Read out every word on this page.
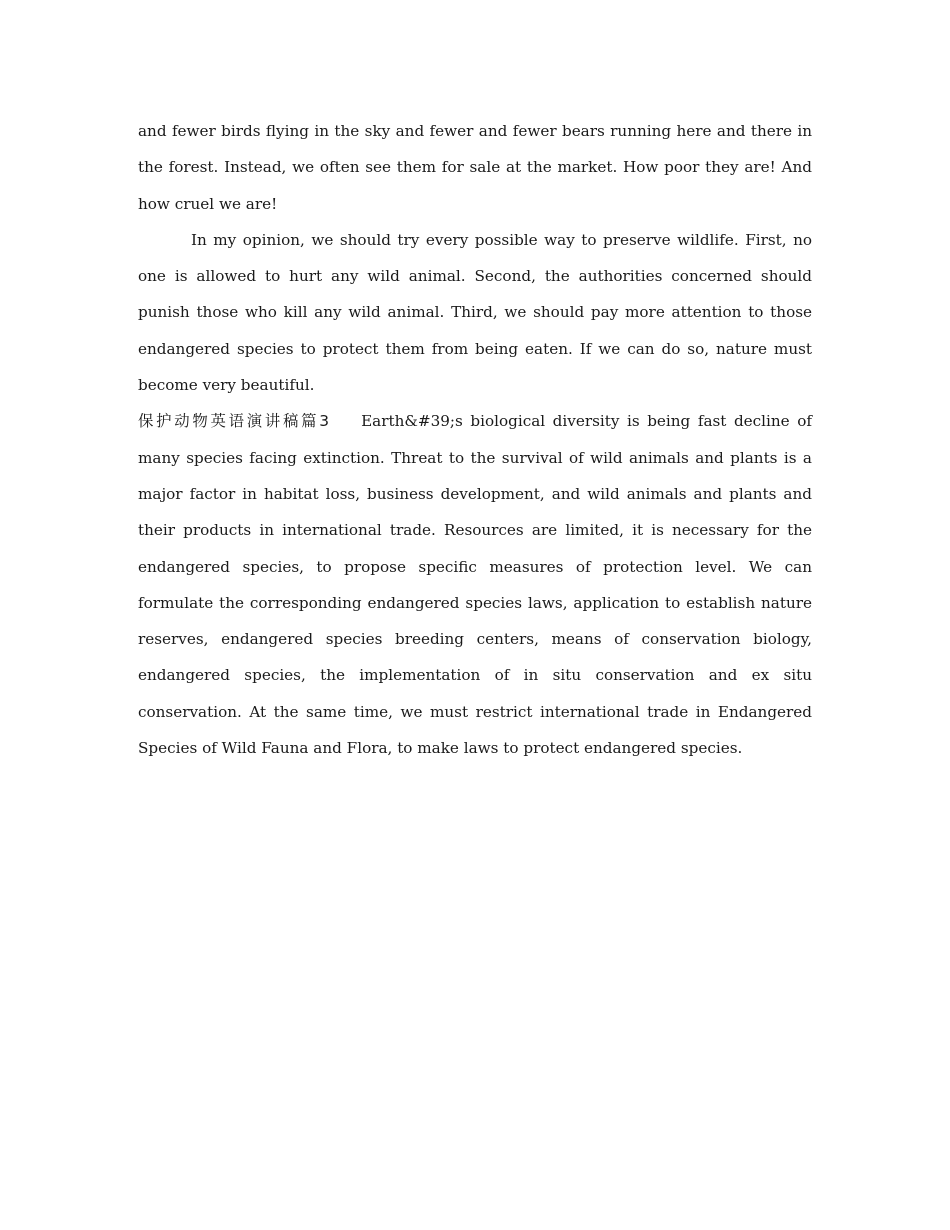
and fewer birds flying in the sky and fewer and fewer bears running here and there in the forest. Instead, we often see them for sale at the market. How poor they are! And how cruel we are!

In my opinion, we should try every possible way to preserve wildlife. First, no one is allowed to hurt any wild animal. Second, the authorities concerned should punish those who kill any wild animal. Third, we should pay more attention to those endangered species to protect them from being eaten. If we can do so, nature must become very beautiful.

保护动物英语演讲稿篇3 Earth&#39;s biological diversity is being fast decline of many species facing extinction. Threat to the survival of wild animals and plants is a major factor in habitat loss, business development, and wild animals and plants and their products in international trade. Resources are limited, it is necessary for the endangered species, to propose specific measures of protection level. We can formulate the corresponding endangered species laws, application to establish nature reserves, endangered species breeding centers, means of conservation biology, endangered species, the implementation of in situ conservation and ex situ conservation. At the same time, we must restrict international trade in Endangered Species of Wild Fauna and Flora, to make laws to protect endangered species.
